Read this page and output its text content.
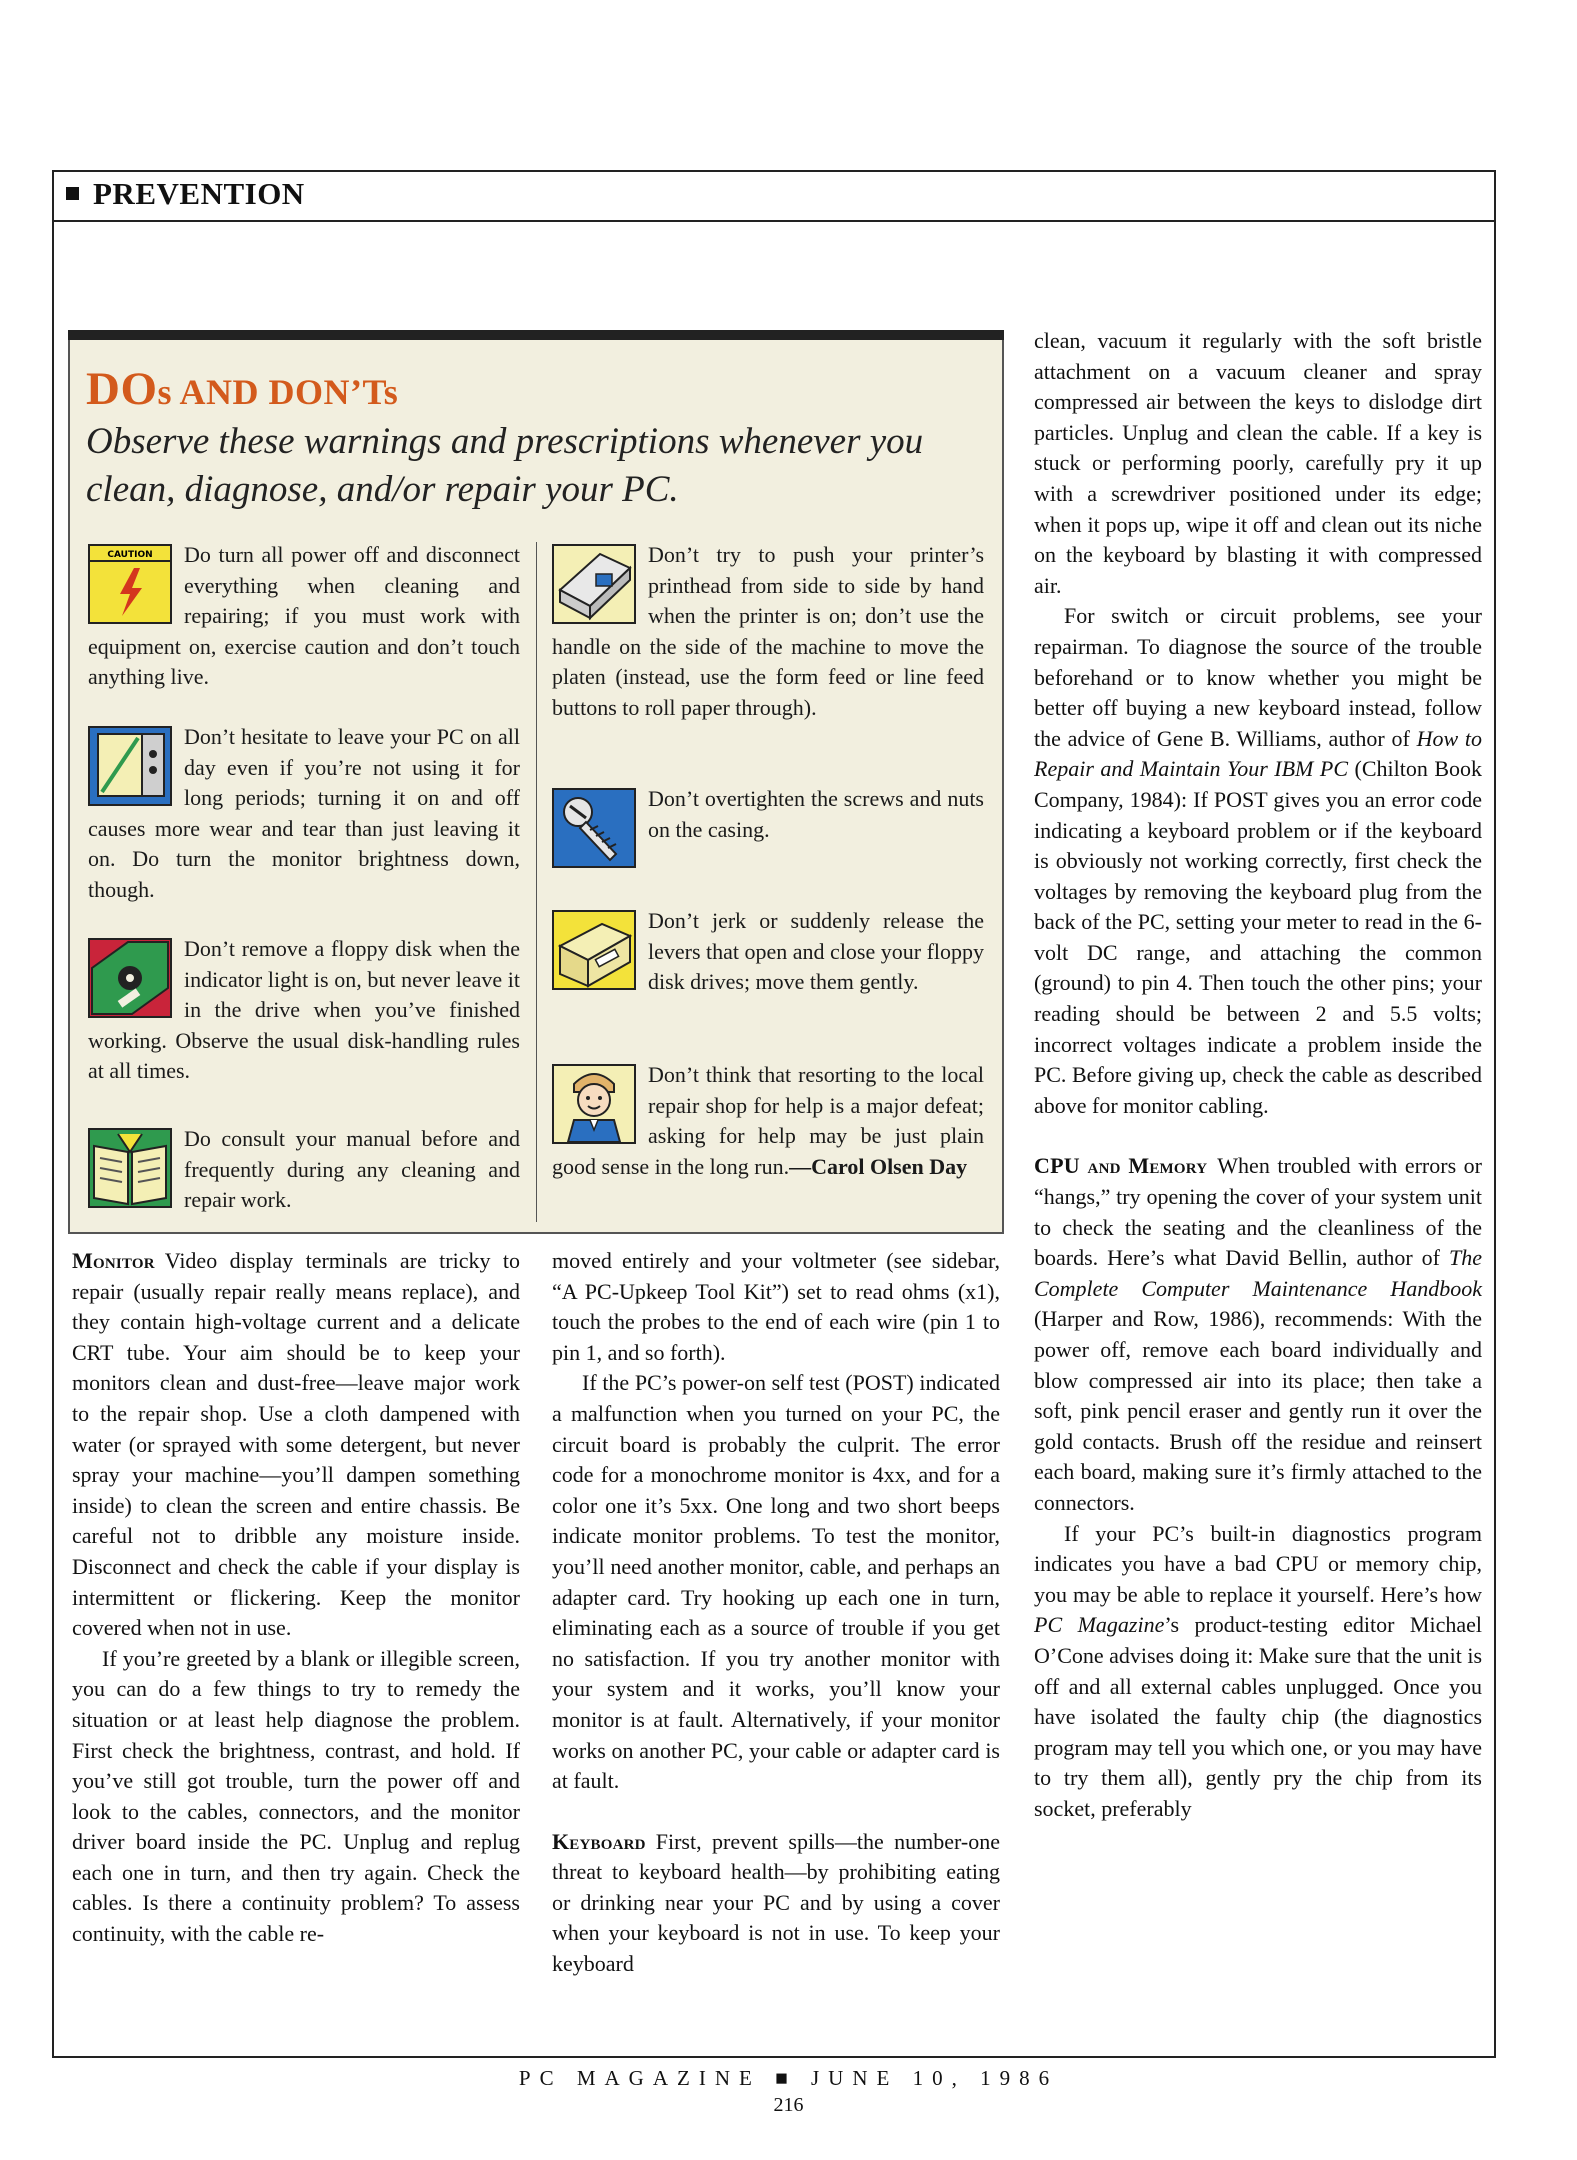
PREVENTION
DOs AND DON’Ts
Observe these warnings and prescriptions whenever you clean, diagnose, and/or repair your PC.
CAUTION Do turn all power off and disconnect everything when cleaning and repairing; if you must work with equipment on, exercise caution and don’t touch anything live.
Don’t hesitate to leave your PC on all day even if you’re not using it for long periods; turning it on and off causes more wear and tear than just leaving it on. Do turn the monitor brightness down, though.
Don’t remove a floppy disk when the indicator light is on, but never leave it in the drive when you’ve finished working. Observe the usual disk-handling rules at all times.
Do consult your manual before and frequently during any cleaning and repair work.
Don’t try to push your printer’s printhead from side to side by hand when the printer is on; don’t use the handle on the side of the machine to move the platen (instead, use the form feed or line feed buttons to roll paper through).
Don’t overtighten the screws and nuts on the casing.
Don’t jerk or suddenly release the levers that open and close your floppy disk drives; move them gently.
Don’t think that resorting to the local repair shop for help is a major defeat; asking for help may be just plain good sense in the long run.—Carol Olsen Day

Monitor Video display terminals are tricky to repair (usually repair really means replace), and they contain high-voltage current and a delicate CRT tube. Your aim should be to keep your monitors clean and dust-free—leave major work to the repair shop. Use a cloth dampened with water (or sprayed with some detergent, but never spray your machine—you’ll dampen something inside) to clean the screen and entire chassis. Be careful not to dribble any moisture inside. Disconnect and check the cable if your display is intermittent or flickering. Keep the monitor covered when not in use.

If you’re greeted by a blank or illegible screen, you can do a few things to try to remedy the situation or at least help diagnose the problem. First check the brightness, contrast, and hold. If you’ve still got trouble, turn the power off and look to the cables, connectors, and the monitor driver board inside the PC. Unplug and replug each one in turn, and then try again. Check the cables. Is there a continuity problem? To assess continuity, with the cable re-

moved entirely and your voltmeter (see sidebar, “A PC-Upkeep Tool Kit”) set to read ohms (x1), touch the probes to the end of each wire (pin 1 to pin 1, and so forth).

If the PC’s power-on self test (POST) indicated a malfunction when you turned on your PC, the circuit board is probably the culprit. The error code for a monochrome monitor is 4xx, and for a color one it’s 5xx. One long and two short beeps indicate monitor problems. To test the monitor, you’ll need another monitor, cable, and perhaps an adapter card. Try hooking up each one in turn, eliminating each as a source of trouble if you get no satisfaction. If you try another monitor with your system and it works, you’ll know your monitor is at fault. Alternatively, if your monitor works on another PC, your cable or adapter card is at fault.

Keyboard First, prevent spills—the number-one threat to keyboard health—by prohibiting eating or drinking near your PC and by using a cover when your keyboard is not in use. To keep your keyboard

clean, vacuum it regularly with the soft bristle attachment on a vacuum cleaner and spray compressed air between the keys to dislodge dirt particles. Unplug and clean the cable. If a key is stuck or performing poorly, carefully pry it up with a screwdriver positioned under its edge; when it pops up, wipe it off and clean out its niche on the keyboard by blasting it with compressed air.

For switch or circuit problems, see your repairman. To diagnose the source of the trouble beforehand or to know whether you might be better off buying a new keyboard instead, follow the advice of Gene B. Williams, author of How to Repair and Maintain Your IBM PC (Chilton Book Company, 1984): If POST gives you an error code indicating a keyboard problem or if the keyboard is obviously not working correctly, first check the voltages by removing the keyboard plug from the back of the PC, setting your meter to read in the 6-volt DC range, and attaching the common (ground) to pin 4. Then touch the other pins; your reading should be between 2 and 5.5 volts; incorrect voltages indicate a problem inside the PC. Before giving up, check the cable as described above for monitor cabling.

CPU and Memory When troubled with errors or “hangs,” try opening the cover of your system unit to check the seating and the cleanliness of the boards. Here’s what David Bellin, author of The Complete Computer Maintenance Handbook (Harper and Row, 1986), recommends: With the power off, remove each board individually and blow compressed air into its place; then take a soft, pink pencil eraser and gently run it over the gold contacts. Brush off the residue and reinsert each board, making sure it’s firmly attached to the connectors.

If your PC’s built-in diagnostics program indicates you have a bad CPU or memory chip, you may be able to replace it yourself. Here’s how PC Magazine’s product-testing editor Michael O’Cone advises doing it: Make sure that the unit is off and all external cables unplugged. Once you have isolated the faulty chip (the diagnostics program may tell you which one, or you may have to try them all), gently pry the chip from its socket, preferably

PC MAGAZINE ■ JUNE 10, 1986
216
